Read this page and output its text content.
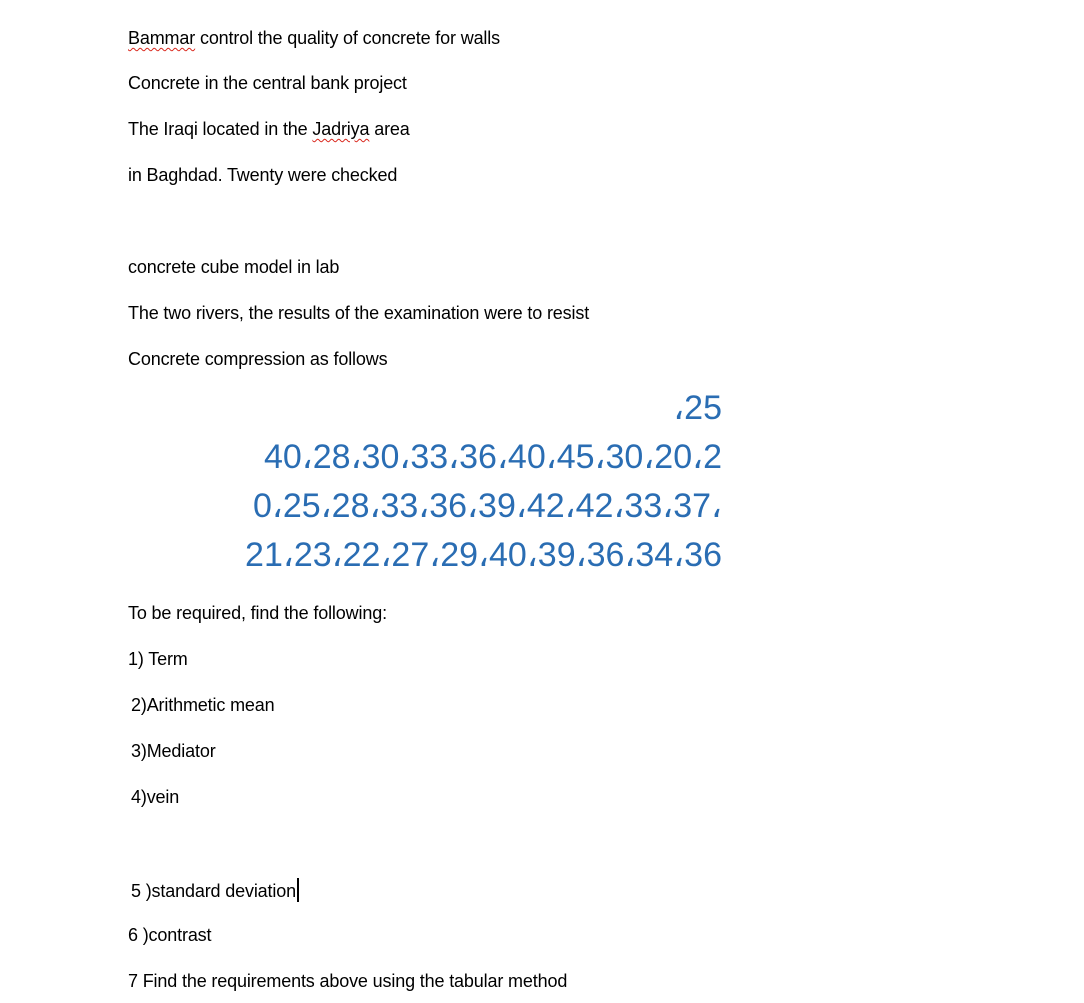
Bammar control the quality of concrete for walls
Concrete in the central bank project
The Iraqi located in the Jadriya area
in Baghdad. Twenty were checked
concrete cube model in lab
The two rivers, the results of the examination were to resist
Concrete compression as follows
،25
40،28،30،33،36،40،45،30،20،2
0،25،28،33،36،39،42،42،33،37،
21،23،22،27،29،40،39،36،34،36
To be required, find the following:
1) Term
2)Arithmetic mean
3)Mediator
4)vein
5 )standard deviation
6 )contrast
7 Find the requirements above using the tabular method
